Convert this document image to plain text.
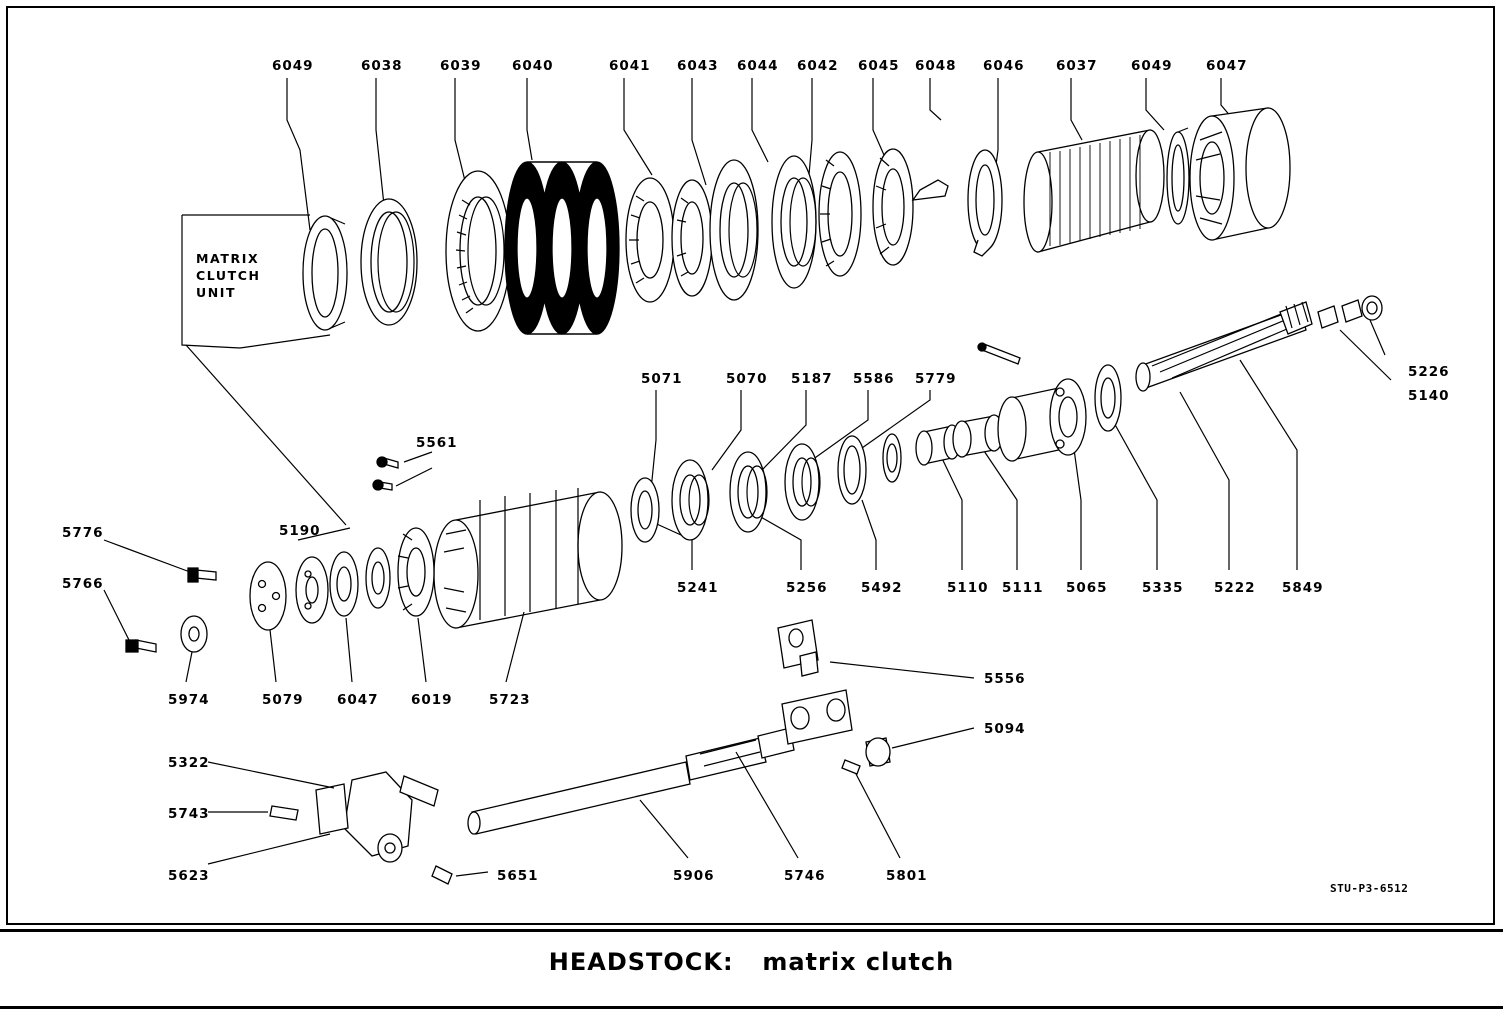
MATRIX
CLUTCH
UNIT
6049	6038	6039 6040	6041 6043 6044 6042 6045 6048 6046 6037 6049 6047
5226
5140
5071	5070 5187 5586 5779
5241	5256 5492	5110 5111 5065	5335 5222 5849
5561
5776	5190
5766
5974	5079 6047 6019	5723
5556
5094
5322
5743
5623	5651	5906	5746	5801
STU-P3-6512
HEADSTOCK: matrix clutch
